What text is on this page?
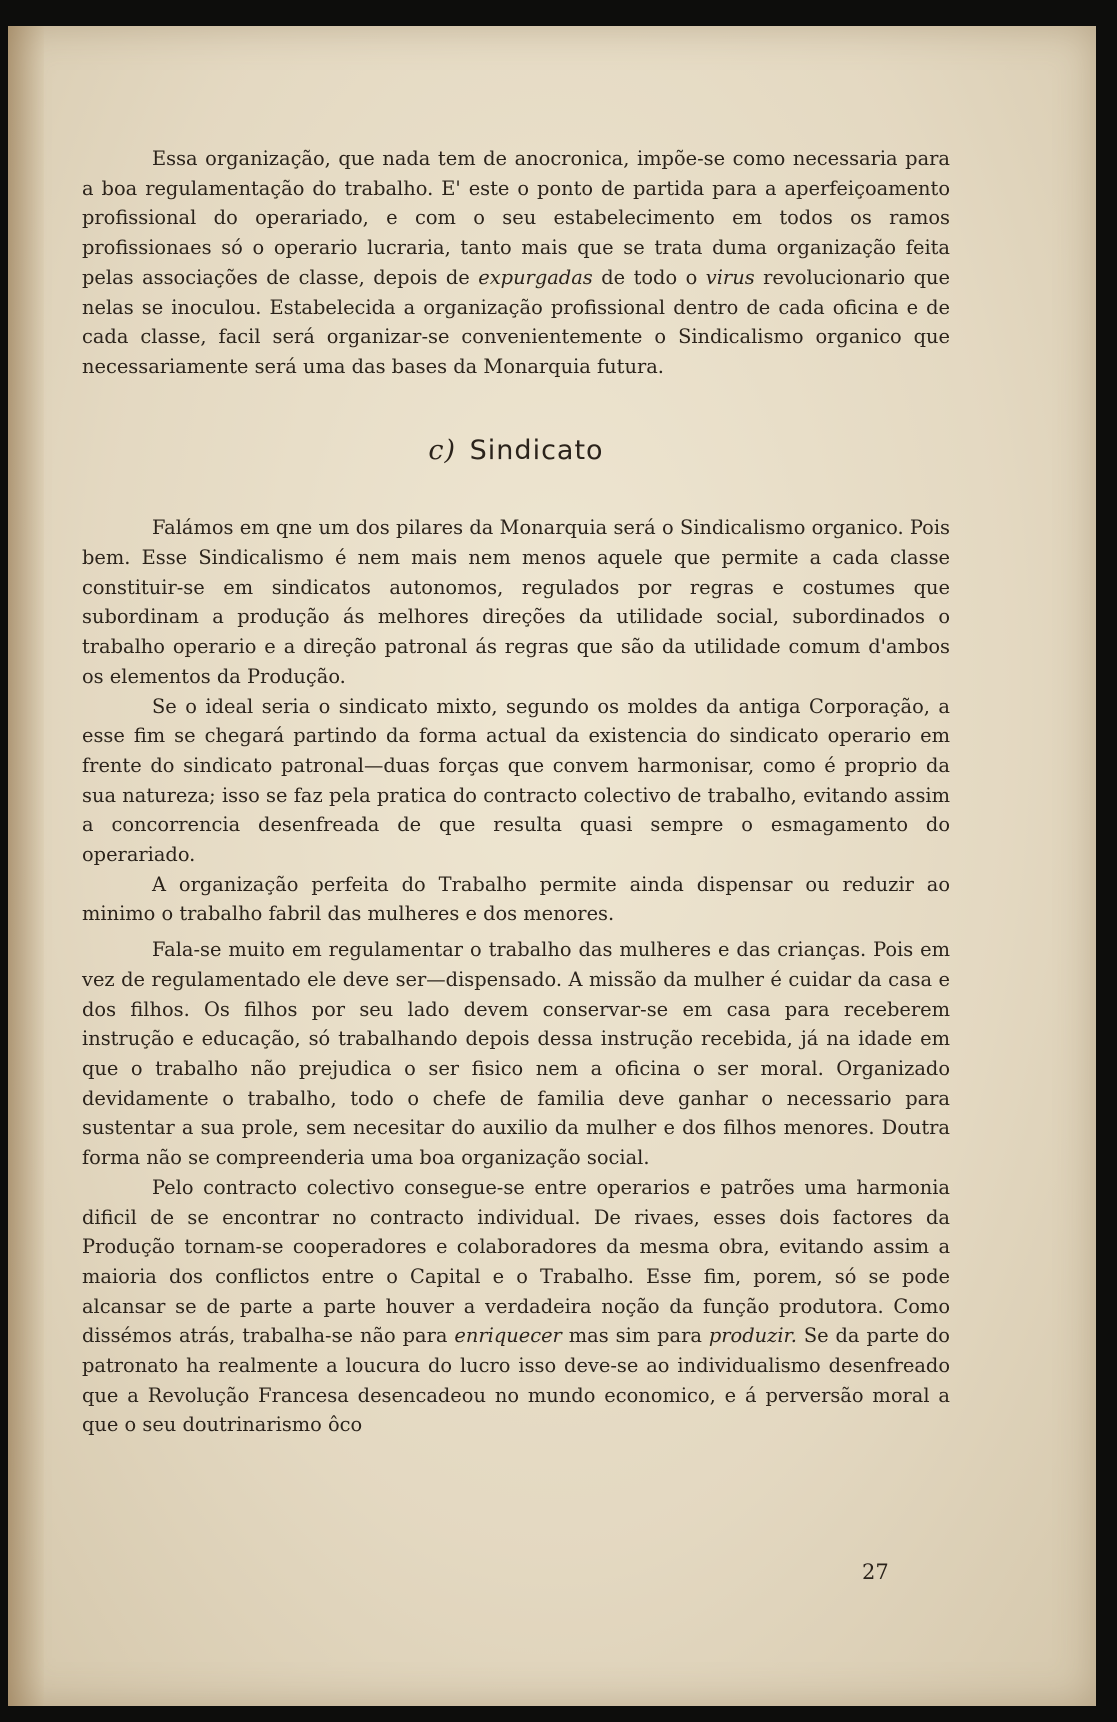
Essa organização, que nada tem de anocronica, impõe-se como necessaria para a boa regulamentação do trabalho. E' este o ponto de partida para a aperfeiçoamento profissional do operariado, e com o seu estabelecimento em todos os ramos profissionaes só o operario lucraria, tanto mais que se trata duma organização feita pelas associações de classe, depois de expurgadas de todo o virus revolucionario que nelas se inoculou. Estabelecida a organização profissional dentro de cada oficina e de cada classe, facil será organizar-se convenientemente o Sindicalismo organico que necessariamente será uma das bases da Monarquia futura.

c) Sindicato

Falámos em qne um dos pilares da Monarquia será o Sindicalismo organico. Pois bem. Esse Sindicalismo é nem mais nem menos aquele que permite a cada classe constituir-se em sindicatos autonomos, regulados por regras e costumes que subordinam a produção ás melhores direções da utilidade social, subordinados o trabalho operario e a direção patronal ás regras que são da utilidade comum d'ambos os elementos da Produção.

Se o ideal seria o sindicato mixto, segundo os moldes da antiga Corporação, a esse fim se chegará partindo da forma actual da existencia do sindicato operario em frente do sindicato patronal—duas forças que convem harmonisar, como é proprio da sua natureza; isso se faz pela pratica do contracto colectivo de trabalho, evitando assim a concorrencia desenfreada de que resulta quasi sempre o esmagamento do operariado.

A organização perfeita do Trabalho permite ainda dispensar ou reduzir ao minimo o trabalho fabril das mulheres e dos menores.

Fala-se muito em regulamentar o trabalho das mulheres e das crianças. Pois em vez de regulamentado ele deve ser—dispensado. A missão da mulher é cuidar da casa e dos filhos. Os filhos por seu lado devem conservar-se em casa para receberem instrução e educação, só trabalhando depois dessa instrução recebida, já na idade em que o trabalho não prejudica o ser fisico nem a oficina o ser moral. Organizado devidamente o trabalho, todo o chefe de familia deve ganhar o necessario para sustentar a sua prole, sem necesitar do auxilio da mulher e dos filhos menores. Doutra forma não se compreenderia uma boa organização social.

Pelo contracto colectivo consegue-se entre operarios e patrões uma harmonia dificil de se encontrar no contracto individual. De rivaes, esses dois factores da Produção tornam-se cooperadores e colaboradores da mesma obra, evitando assim a maioria dos conflictos entre o Capital e o Trabalho. Esse fim, porem, só se pode alcansar se de parte a parte houver a verdadeira noção da função produtora. Como dissémos atrás, trabalha-se não para enriquecer mas sim para produzir. Se da parte do patronato ha realmente a loucura do lucro isso deve-se ao individualismo desenfreado que a Revolução Francesa desencadeou no mundo economico, e á perversão moral a que o seu doutrinarismo ôco

27
